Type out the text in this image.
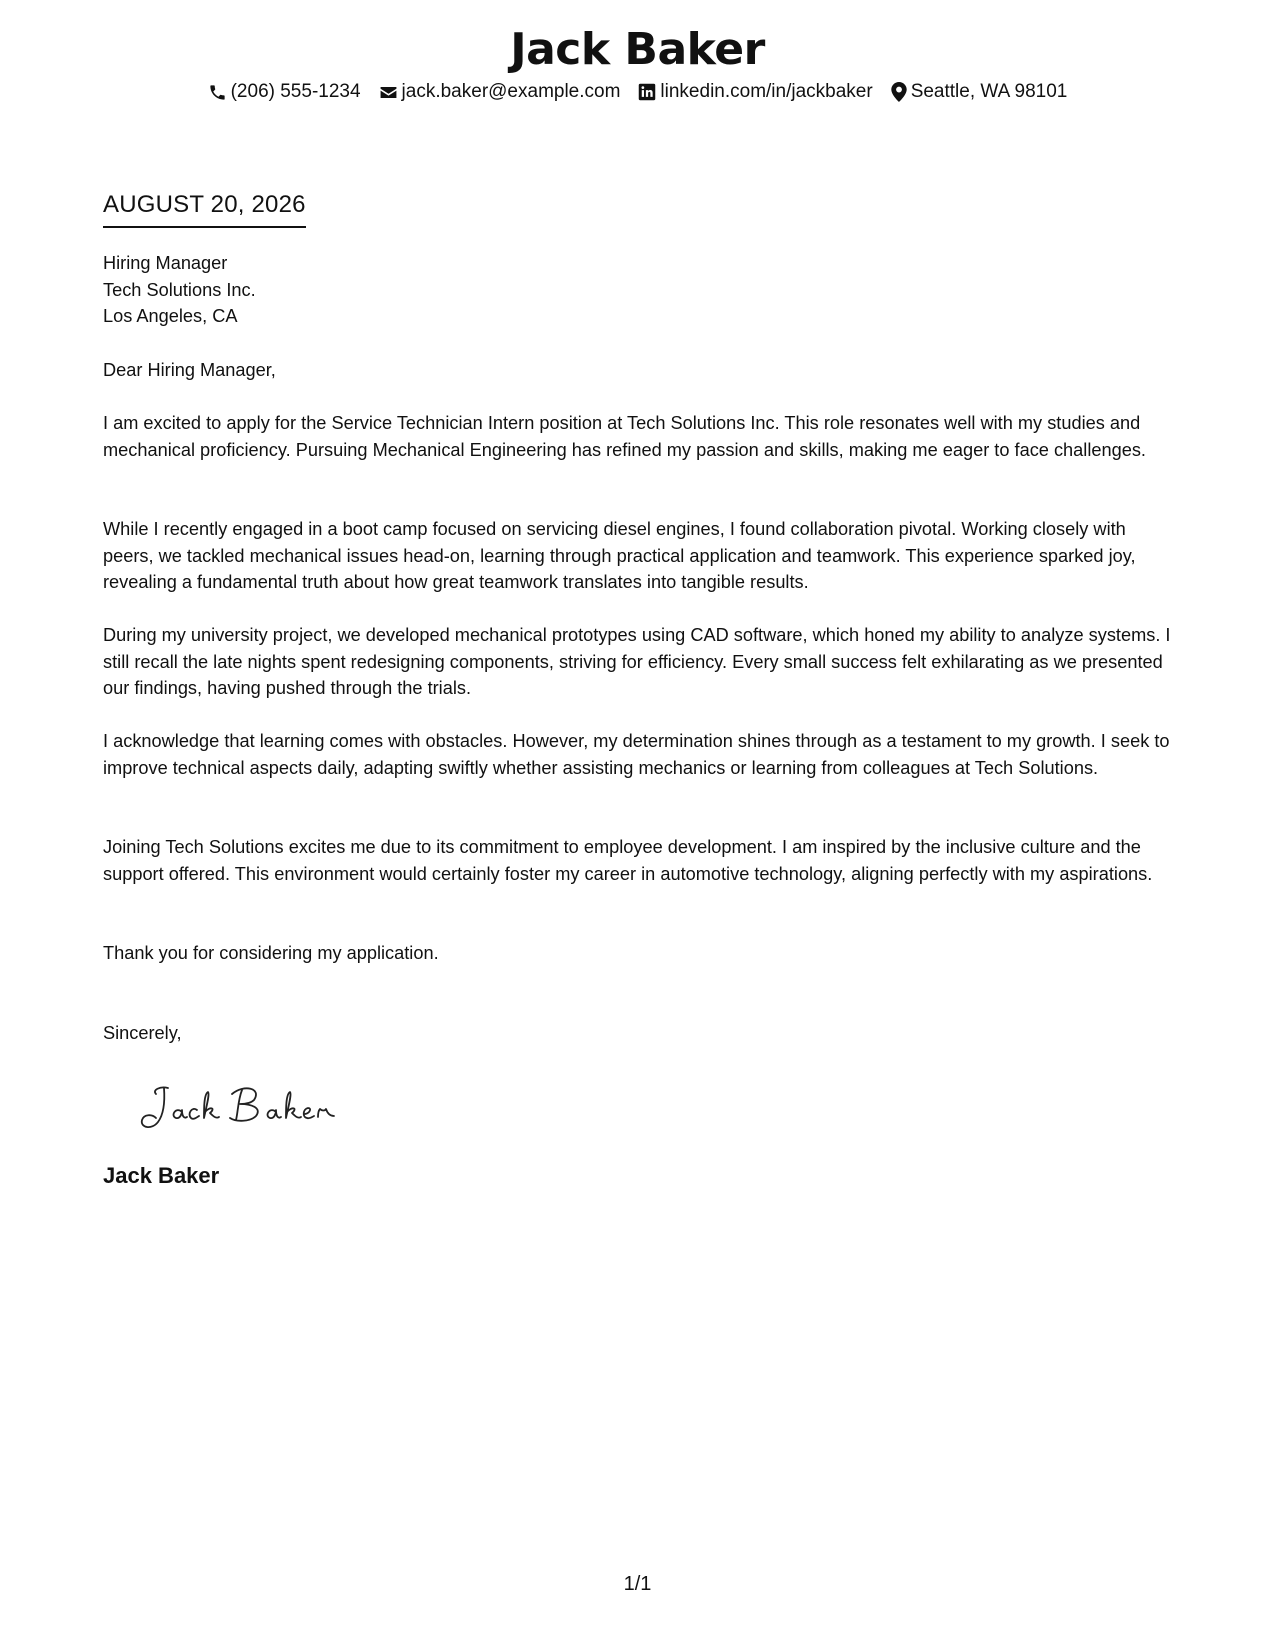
Jack Baker
(206) 555-1234 jack.baker@example.com linkedin.com/in/jackbaker Seattle, WA 98101
AUGUST 20, 2026
Hiring Manager
Tech Solutions Inc.
Los Angeles, CA
Dear Hiring Manager,

I am excited to apply for the Service Technician Intern position at Tech Solutions Inc. This role resonates well with my studies and mechanical proficiency. Pursuing Mechanical Engineering has refined my passion and skills, making me eager to face challenges.

While I recently engaged in a boot camp focused on servicing diesel engines, I found collaboration pivotal. Working closely with peers, we tackled mechanical issues head-on, learning through practical application and teamwork. This experience sparked joy, revealing a fundamental truth about how great teamwork translates into tangible results.

During my university project, we developed mechanical prototypes using CAD software, which honed my ability to analyze systems. I still recall the late nights spent redesigning components, striving for efficiency. Every small success felt exhilarating as we presented our findings, having pushed through the trials.

I acknowledge that learning comes with obstacles. However, my determination shines through as a testament to my growth. I seek to improve technical aspects daily, adapting swiftly whether assisting mechanics or learning from colleagues at Tech Solutions.

Joining Tech Solutions excites me due to its commitment to employee development. I am inspired by the inclusive culture and the support offered. This environment would certainly foster my career in automotive technology, aligning perfectly with my aspirations.

Thank you for considering my application.

Sincerely,
Jack Baker
1/1
